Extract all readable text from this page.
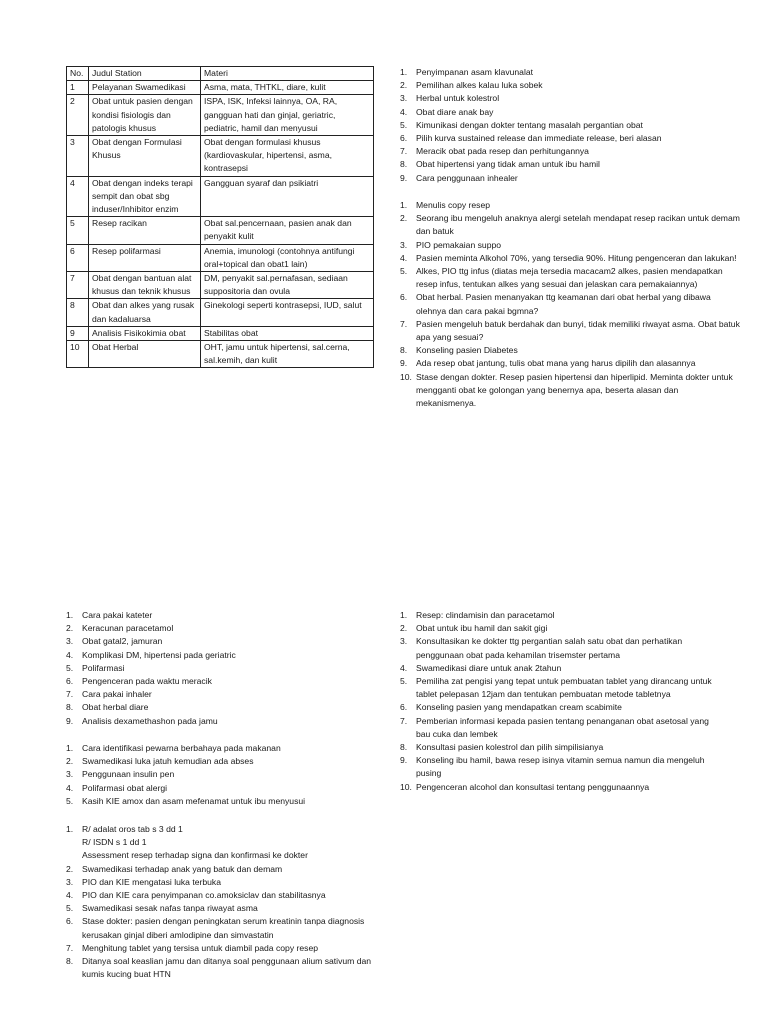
No.	Judul Station	Materi
1	Pelayanan Swamedikasi	Asma, mata, THTKL, diare, kulit
2	Obat untuk pasien dengan kondisi fisiologis dan patologis khusus	ISPA, ISK, Infeksi lainnya, OA, RA, gangguan hati dan ginjal, geriatric, pediatric, hamil dan menyusui
3	Obat dengan Formulasi Khusus	Obat dengan formulasi khusus (kardiovaskular, hipertensi, asma, kontrasepsi
4	Obat dengan indeks terapi sempit dan obat sbg induser/Inhibitor enzim	Gangguan syaraf dan psikiatri
5	Resep racikan	Obat sal.pencernaan, pasien anak dan penyakit kulit
6	Resep polifarmasi	Anemia, imunologi (contohnya antifungi oral+topical dan obat1 lain)
7	Obat dengan bantuan alat khusus dan teknik khusus	DM, penyakit sal.pernafasan, sediaan suppositoria dan ovula
8	Obat dan alkes yang rusak dan kadaluarsa	Ginekologi seperti kontrasepsi, IUD, salut
9	Analisis Fisikokimia obat	Stabilitas obat
10	Obat Herbal	OHT, jamu untuk hipertensi, sal.cerna, sal.kemih, dan kulit
1. Penyimpanan asam klavunalat
2. Pemilihan alkes kalau luka sobek
3. Herbal untuk kolestrol
4. Obat diare anak bay
5. Kimunikasi dengan dokter tentang masalah pergantian obat
6. Pilih kurva sustained release dan immediate release, beri alasan
7. Meracik obat pada resep dan perhitungannya
8. Obat hipertensi yang tidak aman untuk ibu hamil
9. Cara penggunaan inhealer
1. Menulis copy resep
2. Seorang ibu mengeluh anaknya alergi setelah mendapat resep racikan untuk demam dan batuk
3. PIO pemakaian suppo
4. Pasien meminta Alkohol 70%, yang tersedia 90%. Hitung pengenceran dan lakukan!
5. Alkes, PIO ttg infus (diatas meja tersedia macacam2 alkes, pasien mendapatkan resep infus, tentukan alkes yang sesuai dan jelaskan cara pemakaiannya)
6. Obat herbal. Pasien menanyakan ttg keamanan dari obat herbal yang dibawa olehnya dan cara pakai bgmna?
7. Pasien mengeluh batuk berdahak dan bunyi, tidak memiliki riwayat asma. Obat batuk apa yang sesuai?
8. Konseling pasien Diabetes
9. Ada resep obat jantung, tulis obat mana yang harus dipilih dan alasannya
10. Stase dengan dokter. Resep pasien hipertensi dan hiperlipid. Meminta dokter untuk mengganti obat ke golongan yang benernya apa, beserta alasan dan mekanismenya.
1. Cara pakai kateter
2. Keracunan paracetamol
3. Obat gatal2, jamuran
4. Komplikasi DM, hipertensi pada geriatric
5. Polifarmasi
6. Pengenceran pada waktu meracik
7. Cara pakai inhaler
8. Obat herbal diare
9. Analisis dexamethashon pada jamu
1. Cara identifikasi pewarna berbahaya pada makanan
2. Swamedikasi luka jatuh kemudian ada abses
3. Penggunaan insulin pen
4. Polifarmasi obat alergi
5. Kasih KIE amox dan asam mefenamat untuk ibu menyusui
1. R/ adalat oros tab s 3 dd 1
R/ ISDN s 1 dd 1
Assessment resep terhadap signa dan konfirmasi ke dokter
2. Swamedikasi terhadap anak yang batuk dan demam
3. PIO dan KIE mengatasi luka terbuka
4. PIO dan KIE cara penyimpanan co.amoksiclav dan stabilitasnya
5. Swamedikasi sesak nafas tanpa riwayat asma
6. Stase dokter: pasien dengan peningkatan serum kreatinin tanpa diagnosis kerusakan ginjal diberi amlodipine dan simvastatin
7. Menghitung tablet yang tersisa untuk diambil pada copy resep
8. Ditanya soal keaslian jamu dan ditanya soal penggunaan alium sativum dan kumis kucing buat HTN
1. Resep: clindamisin dan paracetamol
2. Obat untuk ibu hamil dan sakit gigi
3. Konsultasikan ke dokter ttg pergantian salah satu obat dan perhatikan penggunaan obat pada kehamilan trisemster pertama
4. Swamedikasi diare untuk anak 2tahun
5. Pemiliha zat pengisi yang tepat untuk pembuatan tablet yang dirancang untuk tablet pelepasan 12jam dan tentukan pembuatan metode tabletnya
6. Konseling pasien yang mendapatkan cream scabimite
7. Pemberian informasi kepada pasien tentang penanganan obat asetosal yang bau cuka dan lembek
8. Konsultasi pasien kolestrol dan pilih simpilisianya
9. Konseling ibu hamil, bawa resep isinya vitamin semua namun dia mengeluh pusing
10. Pengenceran alcohol dan konsultasi tentang penggunaannya
